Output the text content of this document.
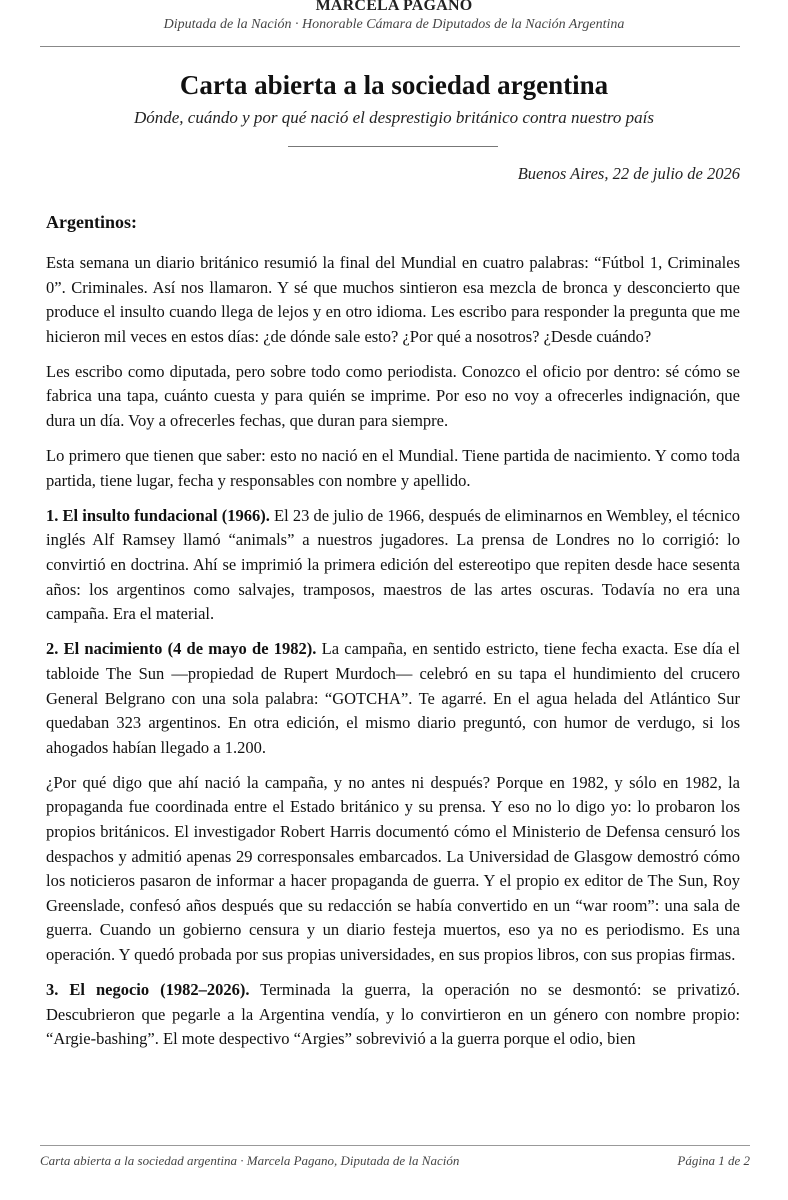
MARCELA PAGANO
Diputada de la Nación · Honorable Cámara de Diputados de la Nación Argentina
Carta abierta a la sociedad argentina
Dónde, cuándo y por qué nació el desprestigio británico contra nuestro país
Buenos Aires, 22 de julio de 2026
Argentinos:

Esta semana un diario británico resumió la final del Mundial en cuatro palabras: “Fútbol 1, Criminales 0”. Criminales. Así nos llamaron. Y sé que muchos sintieron esa mezcla de bronca y desconcierto que produce el insulto cuando llega de lejos y en otro idioma. Les escribo para responder la pregunta que me hicieron mil veces en estos días: ¿de dónde sale esto? ¿Por qué a nosotros? ¿Desde cuándo?

Les escribo como diputada, pero sobre todo como periodista. Conozco el oficio por dentro: sé cómo se fabrica una tapa, cuánto cuesta y para quién se imprime. Por eso no voy a ofrecerles indignación, que dura un día. Voy a ofrecerles fechas, que duran para siempre.

Lo primero que tienen que saber: esto no nació en el Mundial. Tiene partida de nacimiento. Y como toda partida, tiene lugar, fecha y responsables con nombre y apellido.

1. El insulto fundacional (1966). El 23 de julio de 1966, después de eliminarnos en Wembley, el técnico inglés Alf Ramsey llamó “animals” a nuestros jugadores. La prensa de Londres no lo corrigió: lo convirtió en doctrina. Ahí se imprimió la primera edición del estereotipo que repiten desde hace sesenta años: los argentinos como salvajes, tramposos, maestros de las artes oscuras. Todavía no era una campaña. Era el material.

2. El nacimiento (4 de mayo de 1982). La campaña, en sentido estricto, tiene fecha exacta. Ese día el tabloide The Sun —propiedad de Rupert Murdoch— celebró en su tapa el hundimiento del crucero General Belgrano con una sola palabra: “GOTCHA”. Te agarré. En el agua helada del Atlántico Sur quedaban 323 argentinos. En otra edición, el mismo diario preguntó, con humor de verdugo, si los ahogados habían llegado a 1.200.

¿Por qué digo que ahí nació la campaña, y no antes ni después? Porque en 1982, y sólo en 1982, la propaganda fue coordinada entre el Estado británico y su prensa. Y eso no lo digo yo: lo probaron los propios británicos. El investigador Robert Harris documentó cómo el Ministerio de Defensa censuró los despachos y admitió apenas 29 corresponsales embarcados. La Universidad de Glasgow demostró cómo los noticieros pasaron de informar a hacer propaganda de guerra. Y el propio ex editor de The Sun, Roy Greenslade, confesó años después que su redacción se había convertido en un “war room”: una sala de guerra. Cuando un gobierno censura y un diario festeja muertos, eso ya no es periodismo. Es una operación. Y quedó probada por sus propias universidades, en sus propios libros, con sus propias firmas.

3. El negocio (1982–2026). Terminada la guerra, la operación no se desmontó: se privatizó. Descubrieron que pegarle a la Argentina vendía, y lo convirtieron en un género con nombre propio: “Argie-bashing”. El mote despectivo “Argies” sobrevivió a la guerra porque el odio, bien

Carta abierta a la sociedad argentina · Marcela Pagano, Diputada de la Nación	Página 1 de 2
